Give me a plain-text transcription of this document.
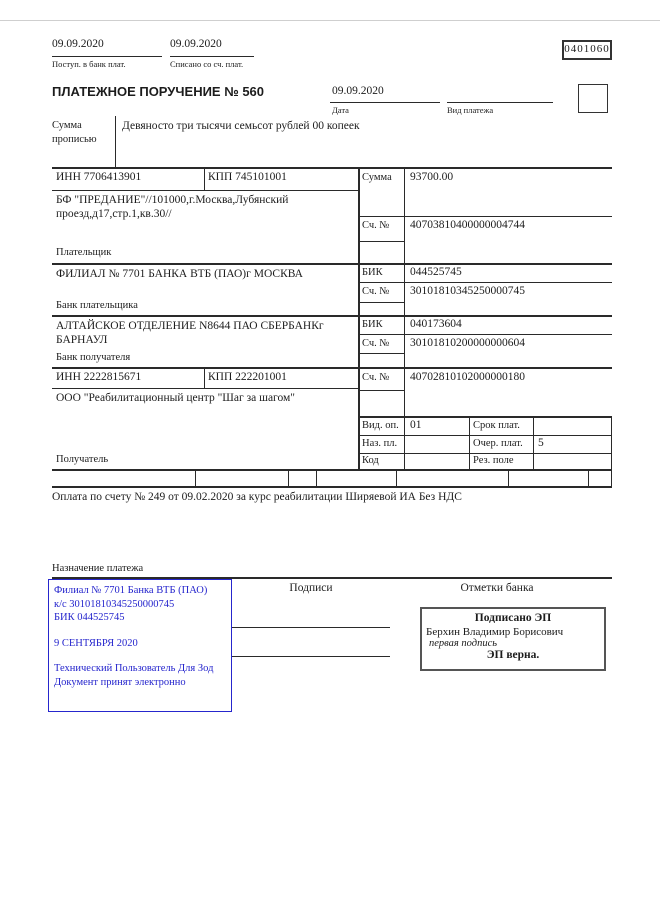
09.09.2020
Поступ. в банк плат.
09.09.2020
Списано со сч. плат.
0401060
ПЛАТЕЖНОЕ ПОРУЧЕНИЕ № 560	09.09.2020
Дата	Вид платежа
Сумма
прописью
Девяносто три тысячи семьсот рублей 00 копеек
ИНН 7706413901	КПП 745101001	Сумма 93700.00
БФ "ПРЕДАНИЕ"//101000,г.Москва,Лубянский проезд,д17,стр.1,кв.30//
Сч. № 40703810400000004744
Плательщик
ФИЛИАЛ № 7701 БАНКА ВТБ (ПАО)г МОСКВА	БИК 044525745
Сч. № 30101810345250000745
Банк плательщика
АЛТАЙСКОЕ ОТДЕЛЕНИЕ N8644 ПАО СБЕРБАНКг БАРНАУЛ
БИК 040173604
Сч. № 30101810200000000604
Банк получателя
ИНН 2222815671	КПП 222201001	Сч. № 40702810102000000180
ООО "Реабилитационный центр "Шаг за шагом"
Получатель
Вид. оп. 01	Срок плат.
Наз. пл.	Очер. плат. 5
Код	Рез. поле
Оплата по счету № 249 от 09.02.2020 за курс реабилитации Ширяевой ИА Без НДС
Назначение платежа
Подписи	Отметки банка
Филиал № 7701 Банка ВТБ (ПАО)
к/с 30101810345250000745
БИК 044525745
9 СЕНТЯБРЯ 2020
Технический Пользователь Для Зод
Документ принят электронно
Подписано ЭП
Берхин Владимир Борисович
первая подпись
ЭП верна.
